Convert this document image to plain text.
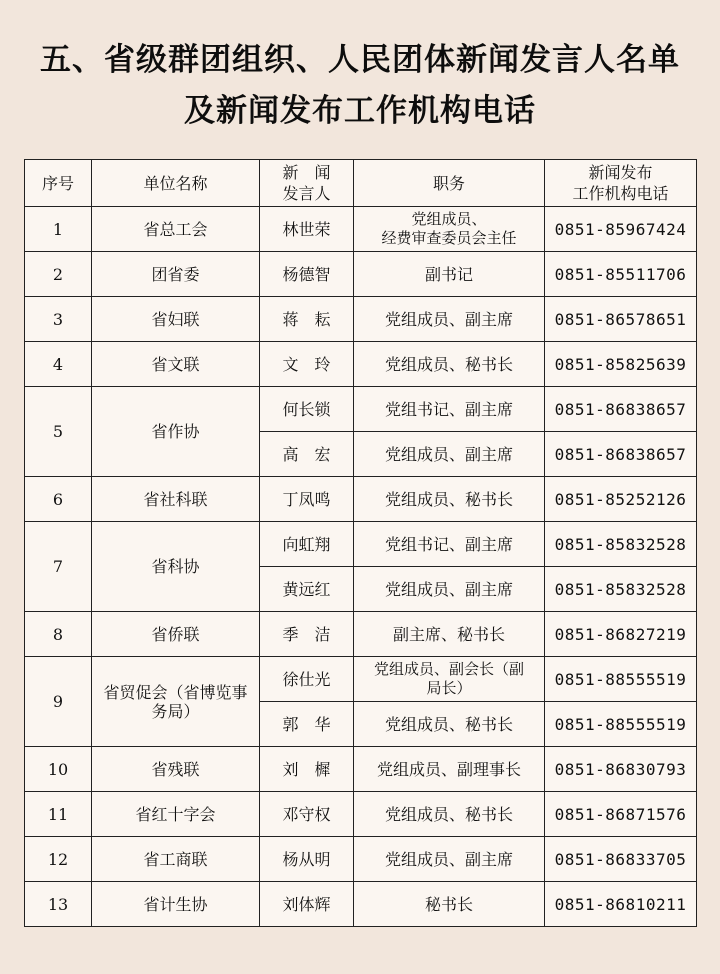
五、省级群团组织、人民团体新闻发言人名单
及新闻发布工作机构电话
序号	单位名称	新　闻
发言人	职务	新闻发布
工作机构电话
1	省总工会	林世荣	党组成员、
经费审查委员会主任	0851-85967424
2	团省委	杨德智	副书记	0851-85511706
3	省妇联	蒋　耘	党组成员、副主席	0851-86578651
4	省文联	文　玲	党组成员、秘书长	0851-85825639
5	省作协	何长锁	党组书记、副主席	0851-86838657
		高　宏	党组成员、副主席	0851-86838657
6	省社科联	丁凤鸣	党组成员、秘书长	0851-85252126
7	省科协	向虹翔	党组书记、副主席	0851-85832528
		黄远红	党组成员、副主席	0851-85832528
8	省侨联	季　洁	副主席、秘书长	0851-86827219
9	省贸促会（省博览事
务局）	徐仕光	党组成员、副会长（副
局长）	0851-88555519
		郭　华	党组成员、秘书长	0851-88555519
10	省残联	刘　樨	党组成员、副理事长	0851-86830793
11	省红十字会	邓守权	党组成员、秘书长	0851-86871576
12	省工商联	杨从明	党组成员、副主席	0851-86833705
13	省计生协	刘体辉	秘书长	0851-86810211
